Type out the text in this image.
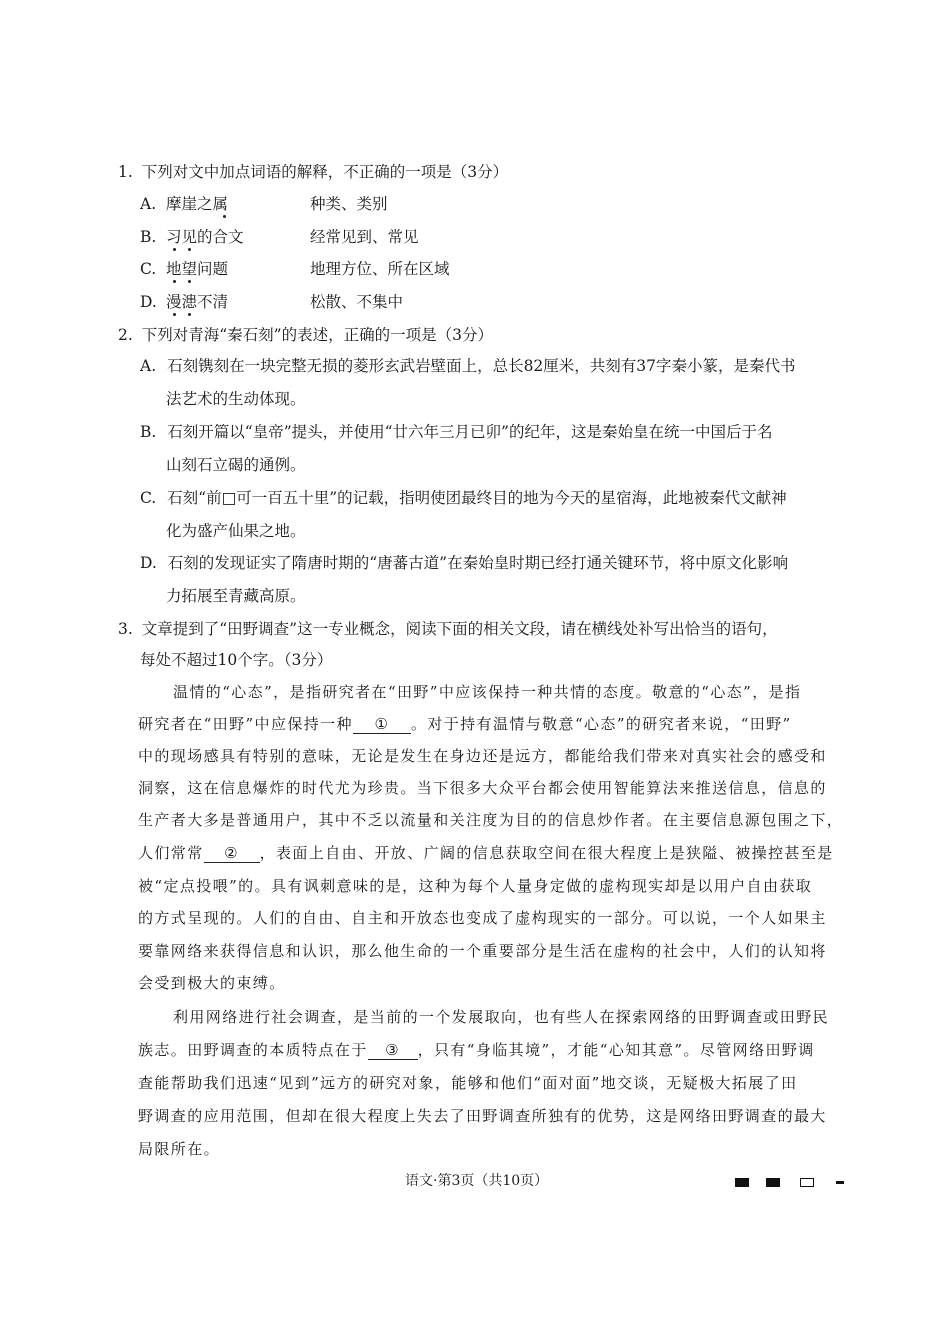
1. 下列对文中加点词语的解释，不正确的一项是（3分）
A. 摩崖之属	种类、类别
B. 习见的合文	经常见到、常见
C. 地望问题	地理方位、所在区域
D. 漫漶不清	松散、不集中
2. 下列对青海“秦石刻”的表述，正确的一项是（3分）
A. 石刻镌刻在一块完整无损的菱形玄武岩壁面上，总长82厘米，共刻有37字秦小篆，是秦代书
法艺术的生动体现。
B. 石刻开篇以“皇帝”提头，并使用“廿六年三月已卯”的纪年，这是秦始皇在统一中国后于名
山刻石立碣的通例。
C. 石刻“前□可一百五十里”的记载，指明使团最终目的地为今天的星宿海，此地被秦代文献神
化为盛产仙果之地。
D. 石刻的发现证实了隋唐时期的“唐蕃古道”在秦始皇时期已经打通关键环节，将中原文化影响
力拓展至青藏高原。
3. 文章提到了“田野调查”这一专业概念，阅读下面的相关文段，请在横线处补写出恰当的语句，
每处不超过10个字。（3分）
温情的“心态”，是指研究者在“田野”中应该保持一种共情的态度。敬意的“心态”，是指
研究者在“田野”中应保持一种 ① 。对于持有温情与敬意“心态”的研究者来说，“田野”
中的现场感具有特别的意味，无论是发生在身边还是远方，都能给我们带来对真实社会的感受和
洞察，这在信息爆炸的时代尤为珍贵。当下很多大众平台都会使用智能算法来推送信息，信息的
生产者大多是普通用户，其中不乏以流量和关注度为目的的信息炒作者。在主要信息源包围之下，
人们常常 ② ，表面上自由、开放、广阔的信息获取空间在很大程度上是狭隘、被操控甚至是
被“定点投喂”的。具有讽刺意味的是，这种为每个人量身定做的虚构现实却是以用户自由获取
的方式呈现的。人们的自由、自主和开放态也变成了虚构现实的一部分。可以说，一个人如果主
要靠网络来获得信息和认识，那么他生命的一个重要部分是生活在虚构的社会中，人们的认知将
会受到极大的束缚。
利用网络进行社会调查，是当前的一个发展取向，也有些人在探索网络的田野调查或田野民
族志。田野调查的本质特点在于 ③ ，只有“身临其境”，才能“心知其意”。尽管网络田野调
查能帮助我们迅速“见到”远方的研究对象，能够和他们“面对面”地交谈，无疑极大拓展了田
野调查的应用范围，但却在很大程度上失去了田野调查所独有的优势，这是网络田野调查的最大
局限所在。
语文·第3页（共10页）
